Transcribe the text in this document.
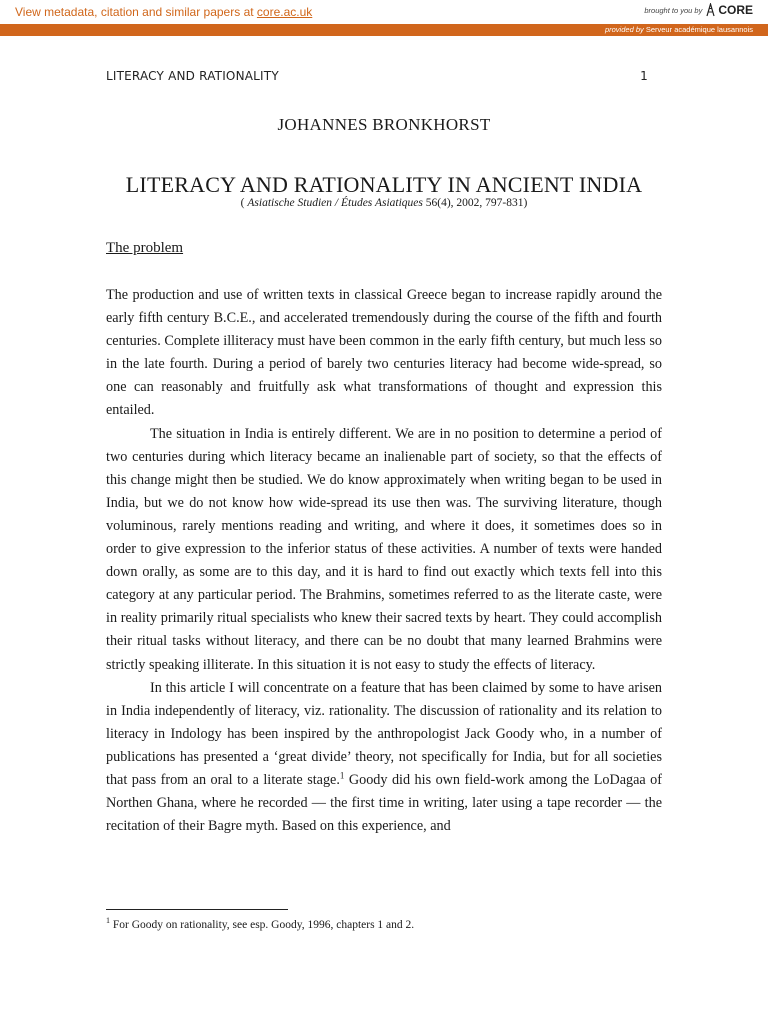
View metadata, citation and similar papers at core.ac.uk	brought to you by CORE
provided by Serveur académique lausannois
LITERACY AND RATIONALITY	1
JOHANNES BRONKHORST
LITERACY AND RATIONALITY IN ANCIENT INDIA
( Asiatische Studien / Études Asiatiques 56(4), 2002, 797-831)
The problem

The production and use of written texts in classical Greece began to increase rapidly around the early fifth century B.C.E., and accelerated tremendously during the course of the fifth and fourth centuries. Complete illiteracy must have been common in the early fifth century, but much less so in the late fourth. During a period of barely two centuries literacy had become wide-spread, so one can reasonably and fruitfully ask what transformations of thought and expression this entailed.

The situation in India is entirely different. We are in no position to determine a period of two centuries during which literacy became an inalienable part of society, so that the effects of this change might then be studied. We do know approximately when writing began to be used in India, but we do not know how wide-spread its use then was. The surviving literature, though voluminous, rarely mentions reading and writing, and where it does, it sometimes does so in order to give expression to the inferior status of these activities. A number of texts were handed down orally, as some are to this day, and it is hard to find out exactly which texts fell into this category at any particular period. The Brahmins, sometimes referred to as the literate caste, were in reality primarily ritual specialists who knew their sacred texts by heart. They could accomplish their ritual tasks without literacy, and there can be no doubt that many learned Brahmins were strictly speaking illiterate. In this situation it is not easy to study the effects of literacy.

In this article I will concentrate on a feature that has been claimed by some to have arisen in India independently of literacy, viz. rationality. The discussion of rationality and its relation to literacy in Indology has been inspired by the anthropologist Jack Goody who, in a number of publications has presented a ‘great divide’ theory, not specifically for India, but for all societies that pass from an oral to a literate stage.$^1$ Goody did his own field-work among the LoDagaa of Northen Ghana, where he recorded — the first time in writing, later using a tape recorder — the recitation of their Bagre myth. Based on this experience, and

$^1$ For Goody on rationality, see esp. Goody, 1996, chapters 1 and 2.
